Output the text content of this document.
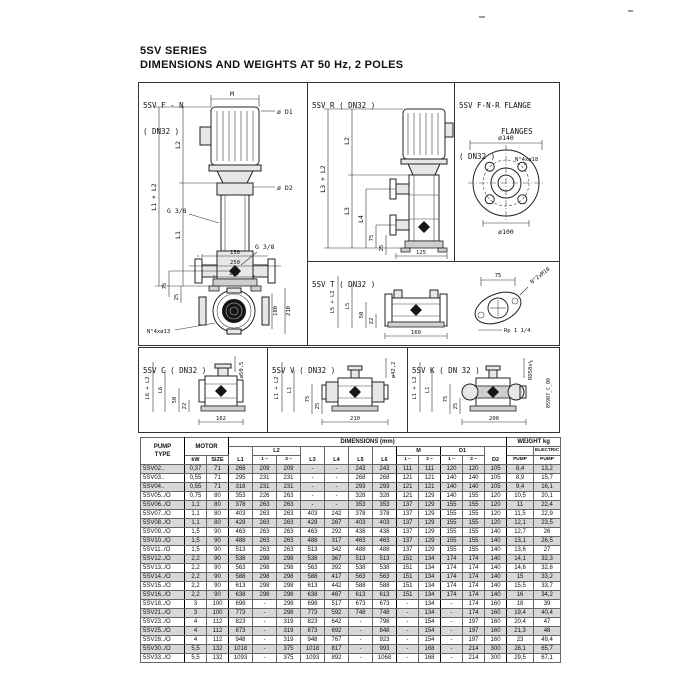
5SV SERIES
DIMENSIONS AND WEIGHTS AT 50 Hz, 2 POLES

5SV F - N

( DN32 )

M
ø D1
ø D2
G 3/8
G 3/8
L1 + L2
L2
L1
75
25
150
250
100
180 210
N°4xø13

5SV R ( DN32 )

L3 + L2
L2
L3
L4
75
25
125

5SV F-N-R FLANGE

FLANGES

( DN32 )

ø140
N°4xø18
ø100

5SV T ( DN32 )

L5 + L2 L5
50
22
160
75	N°2xM10
Rp 1 1/4

5SV C ( DN32 )

L6 + L2 L6
50
22
ø50,5
162

5SV V ( DN32 )

L1 + L2 L1
75
25
ø42,2
210

5SV K ( DN 32 )

L1 + L2 L1
75
25
RD58x¼
200
05907_C_00
PUMP
TYPE	MOTOR		DIMENSIONS (mm)												WEIGHT kg	
			L1	L2		L3	L4	L5	L6	M		D1		D2		ELECTRIC
	kW	SIZE		1 ~	3 ~					1 ~	3 ~	1 ~	3 ~		PUMP	PUMP
5SV02..	0,37	71	268	209	209	-	-	243	243	111	111	120	120	105	8,4	13,2
5SV03..	0,55	71	295	231	231	-	-	268	268	121	121	140	140	105	8,9	15,7
5SV04..	0,55	71	318	231	231	-	-	293	293	121	121	140	140	105	9,4	16,1
5SV05../O	0,75	80	353	226	263	-	-	328	328	121	129	140	155	120	10,5	20,1
5SV06../O	1,1	80	378	263	263	-	-	353	353	137	129	155	155	120	11	22,4
5SV07../O	1,1	80	403	263	263	403	242	378	378	137	129	155	155	120	11,5	22,9
5SV08../O	1,1	80	428	263	263	428	267	403	403	137	129	155	155	120	12,1	23,5
5SV09../O	1,5	90	463	263	263	463	292	438	438	137	129	155	155	140	12,7	26
5SV10../O	1,5	90	488	263	263	488	317	463	463	137	129	155	155	140	13,1	26,5
5SV11../O	1,5	90	513	263	263	513	342	488	488	137	129	155	155	140	13,6	27
5SV12../O	2,2	90	538	298	298	538	367	513	513	151	134	174	174	140	14,1	32,3
5SV13../O	2,2	90	563	298	298	563	392	538	538	151	134	174	174	140	14,6	32,8
5SV14../O	2,2	90	588	298	298	588	417	563	563	151	134	174	174	140	15	33,2
5SV15../O	2,2	90	613	298	298	613	442	588	588	151	134	174	174	140	15,5	33,7
5SV16../O	2,2	90	638	298	298	638	467	613	613	151	134	174	174	140	16	34,2
5SV18../O	3	100	698	-	298	698	517	673	673	-	134	-	174	160	18	39
5SV21../O	3	100	773	-	298	773	592	748	748	-	134	-	174	160	19,4	40,4
5SV23../O	4	112	823	-	319	823	642	-	798	-	154	-	197	160	20,4	47
5SV25../O	4	112	873	-	319	873	692	-	848	-	154	-	197	160	21,3	48
5SV28../O	4	112	948	-	319	948	767	-	923	-	154	-	197	160	23	49,4
5SV30../O	5,5	132	1018	-	375	1018	817	-	993	-	168	-	214	300	28,1	65,7
5SV33../O	5,5	132	1093	-	375	1093	892	-	1068	-	168	-	214	300	29,5	67,1
